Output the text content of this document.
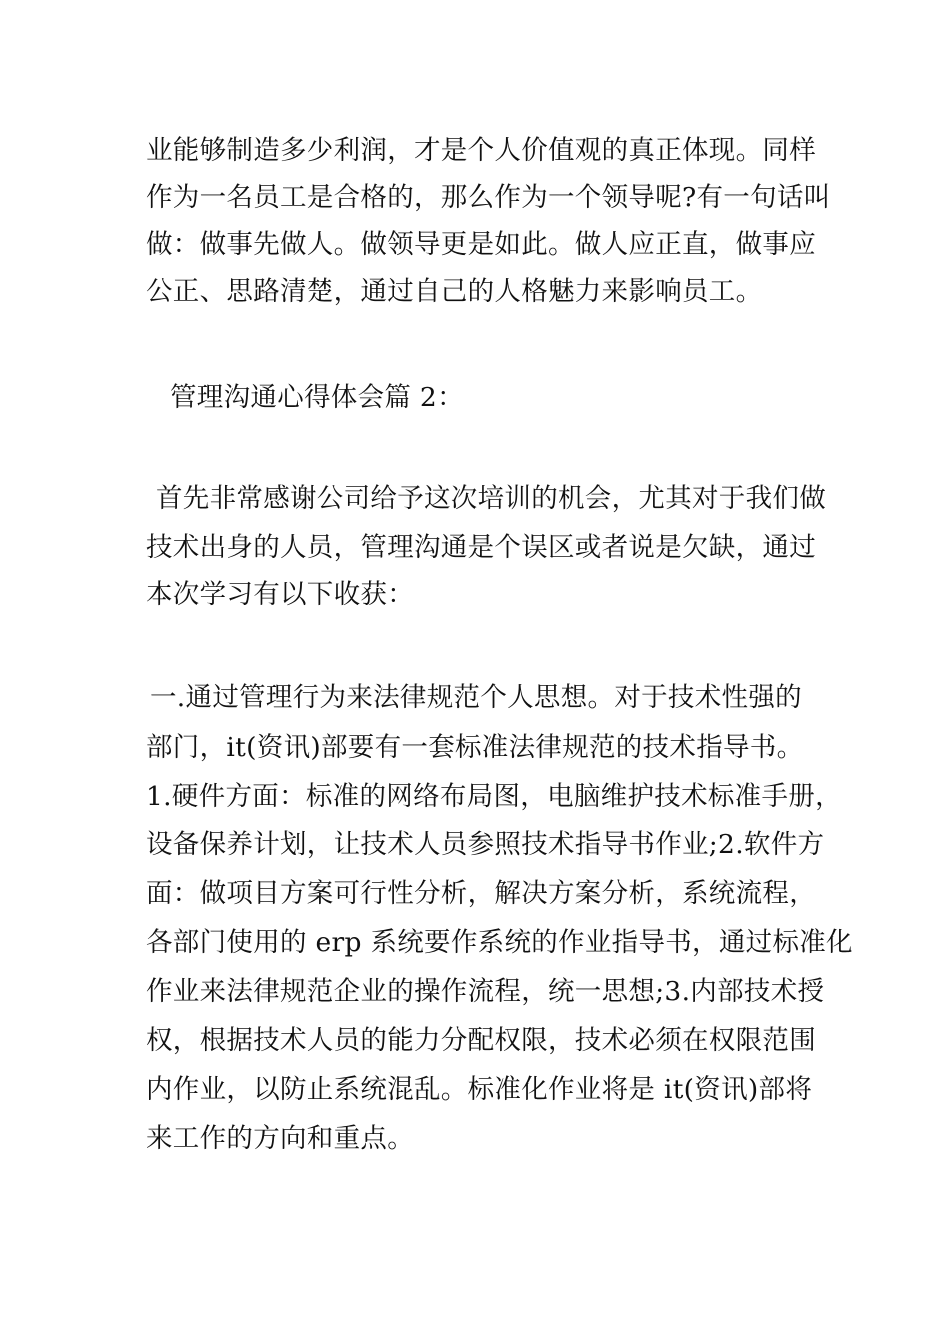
业能够制造多少利润，才是个人价值观的真正体现。同样
作为一名员工是合格的，那么作为一个领导呢?有一句话叫
做：做事先做人。做领导更是如此。做人应正直，做事应
公正、思路清楚，通过自己的人格魅力来影响员工。
管理沟通心得体会篇 2：
首先非常感谢公司给予这次培训的机会，尤其对于我们做
技术出身的人员，管理沟通是个误区或者说是欠缺，通过
本次学习有以下收获：
一.通过管理行为来法律规范个人思想。对于技术性强的
部门，it(资讯)部要有一套标准法律规范的技术指导书。
1.硬件方面：标准的网络布局图，电脑维护技术标准手册，
设备保养计划，让技术人员参照技术指导书作业;2.软件方
面：做项目方案可行性分析，解决方案分析，系统流程，
各部门使用的 erp 系统要作系统的作业指导书，通过标准化
作业来法律规范企业的操作流程，统一思想;3.内部技术授
权，根据技术人员的能力分配权限，技术必须在权限范围
内作业，以防止系统混乱。标准化作业将是 it(资讯)部将
来工作的方向和重点。
